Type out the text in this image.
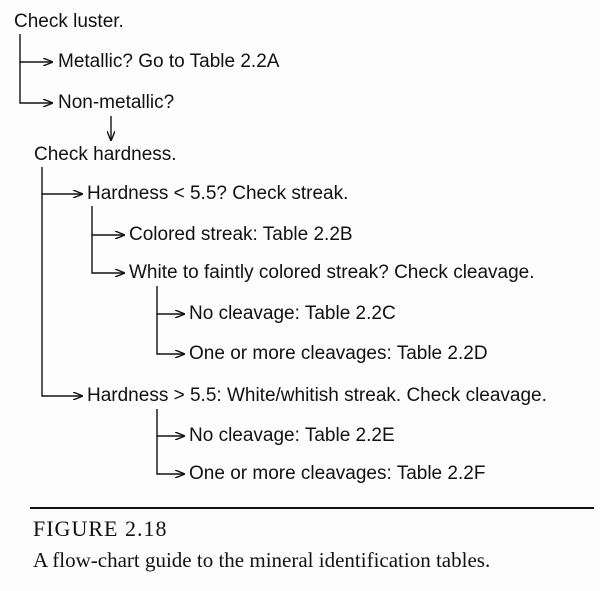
Check luster.
Metallic? Go to Table 2.2A
Non-metallic?
Check hardness.
Hardness < 5.5? Check streak.
Colored streak: Table 2.2B
White to faintly colored streak? Check cleavage.
No cleavage: Table 2.2C
One or more cleavages: Table 2.2D
Hardness > 5.5: White/whitish streak. Check cleavage.
No cleavage: Table 2.2E
One or more cleavages: Table 2.2F
FIGURE 2.18
A flow-chart guide to the mineral identification tables.
